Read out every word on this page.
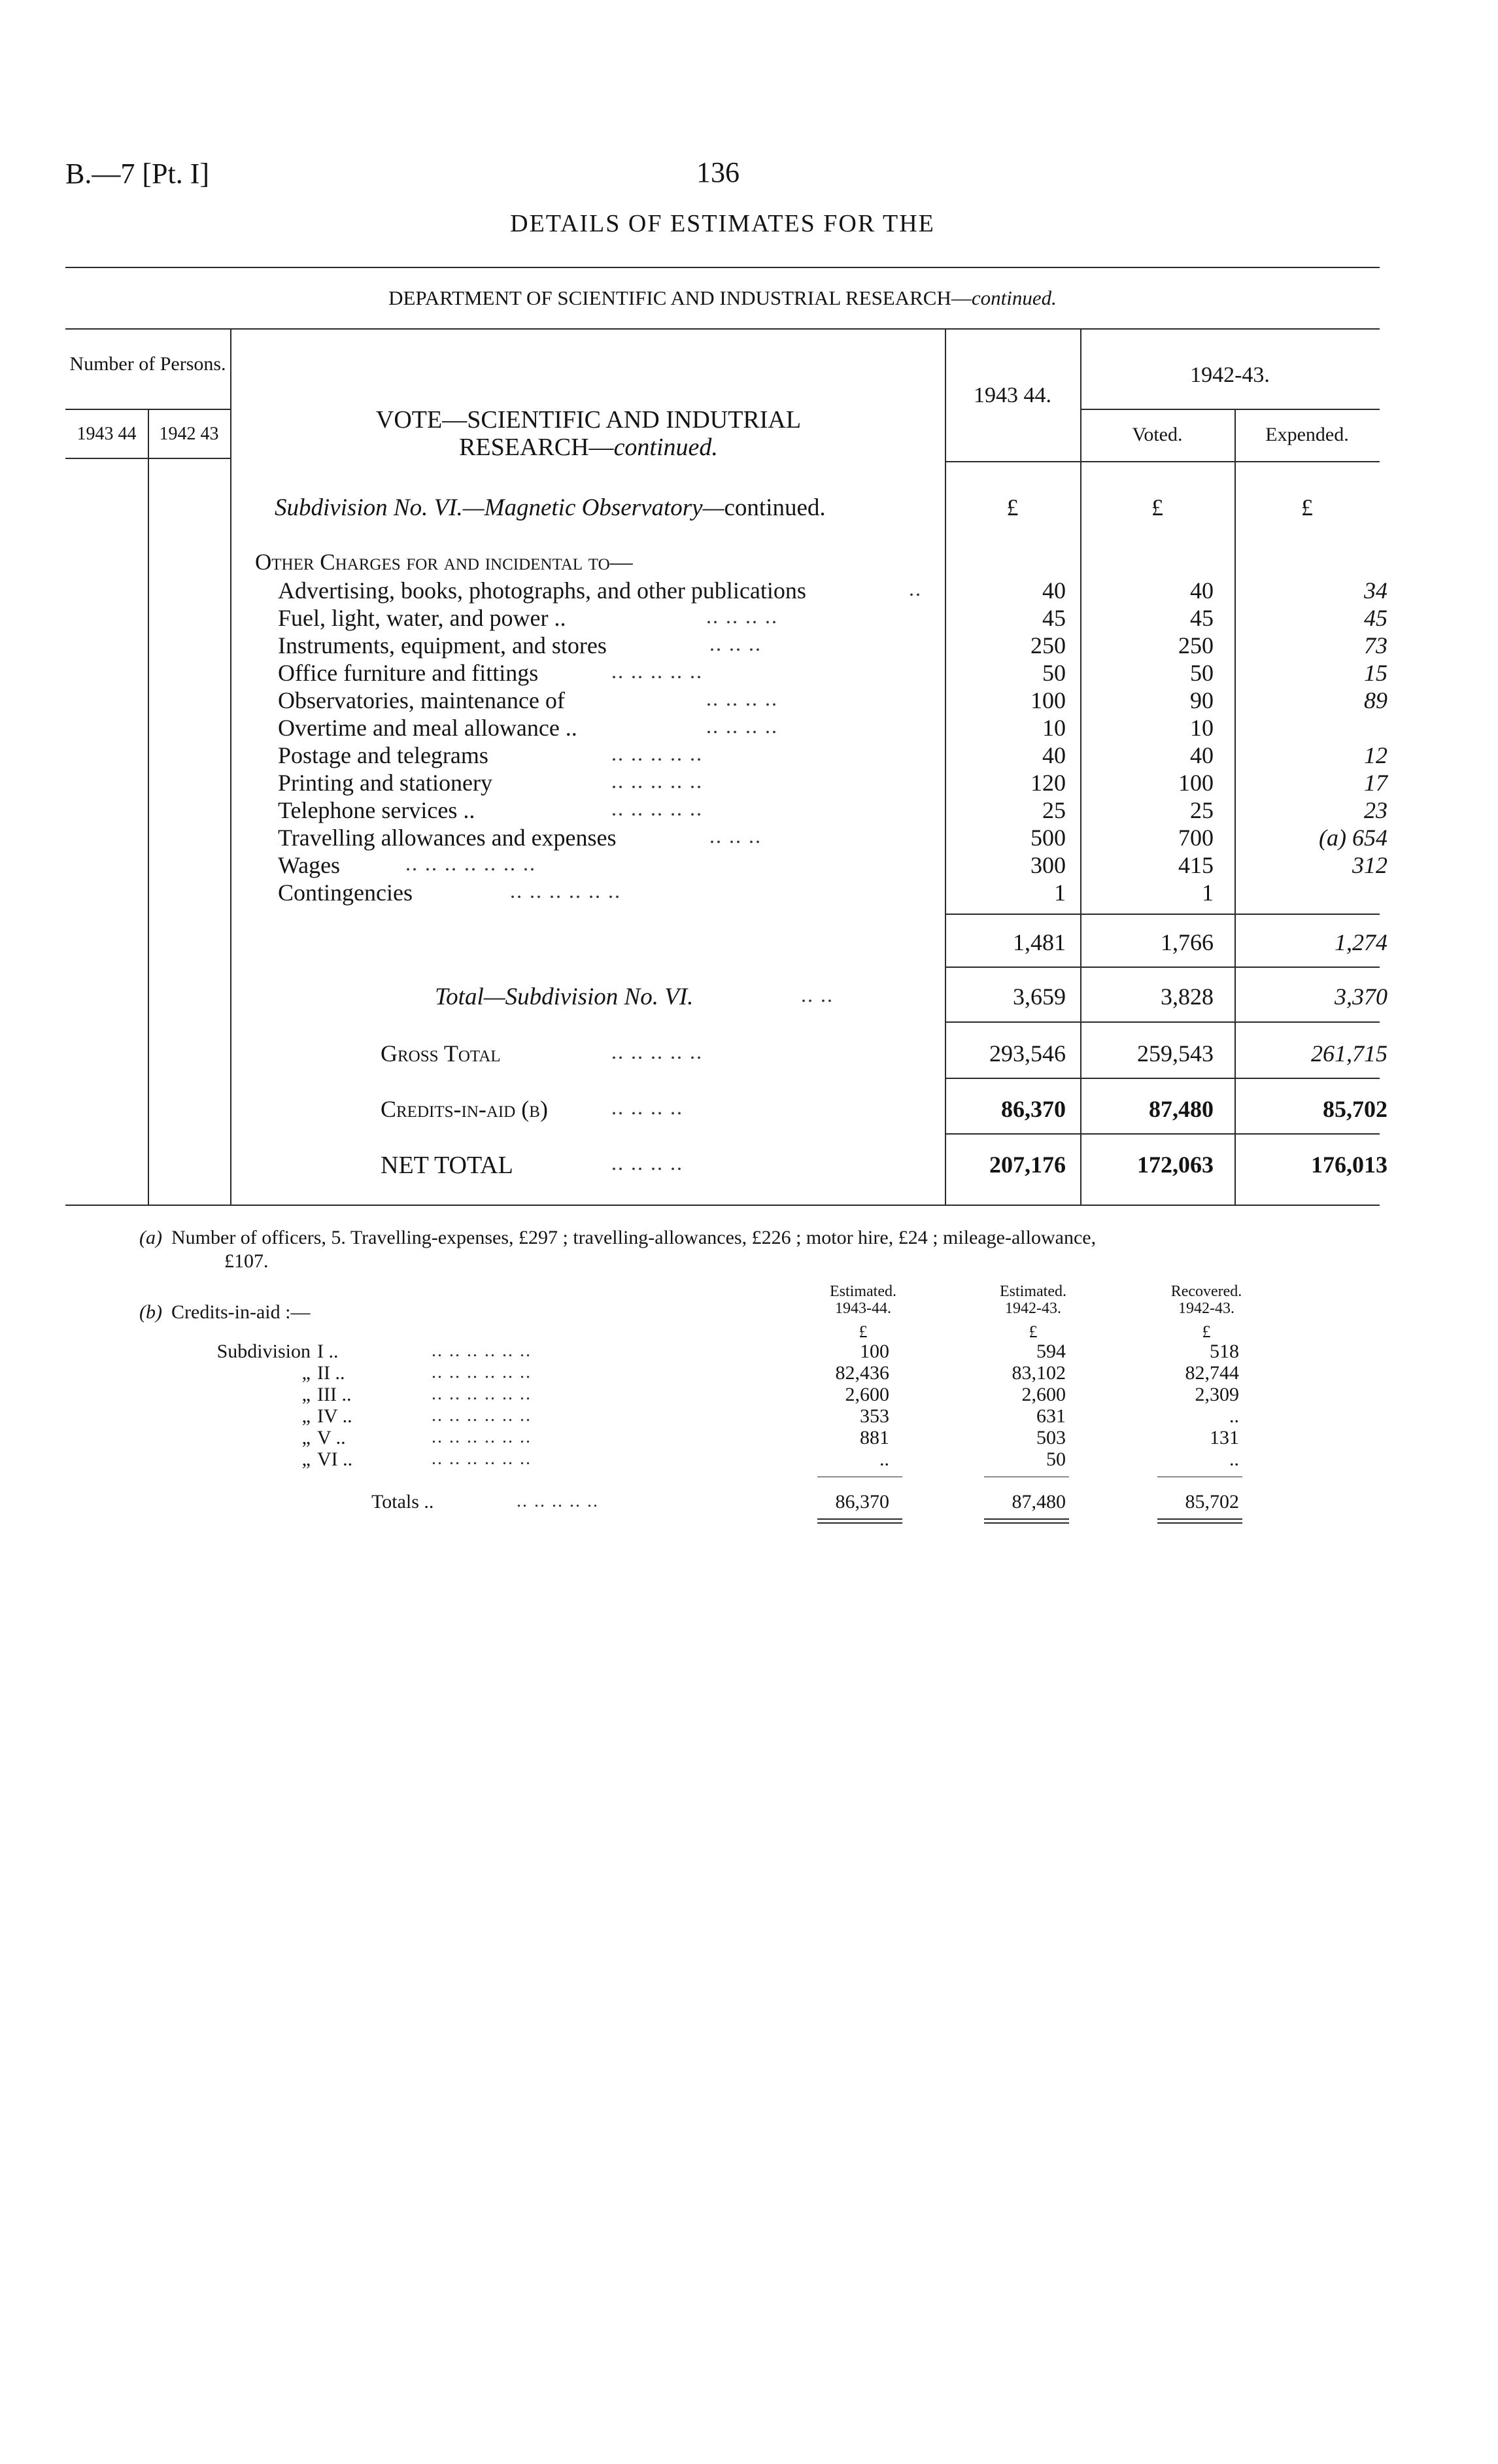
B.—7 [Pt. I]	136
DETAILS OF ESTIMATES FOR THE
DEPARTMENT OF SCIENTIFIC AND INDUSTRIAL RESEARCH—continued.
Number of Persons.
1943 44	1942 43
VOTE—SCIENTIFIC AND INDUTRIAL
RESEARCH—continued.
1943 44.
1942-43.
Voted.	Expended.
Subdivision No. VI.—Magnetic Observatory—continued.	£	£	£
Other Charges for and incidental to—
Advertising, books, photographs, and other publications	..	40	40	34
Fuel, light, water, and power ..	.. .. .. ..	45	45	45
Instruments, equipment, and stores	.. .. ..	250	250	73
Office furniture and fittings	.. .. .. .. ..	50	50	15
Observatories, maintenance of	.. .. .. ..	100	90	89
Overtime and meal allowance ..	.. .. .. ..	10	10
Postage and telegrams	.. .. .. .. ..	40	40	12
Printing and stationery	.. .. .. .. ..	120	100	17
Telephone services ..	.. .. .. .. ..	25	25	23
Travelling allowances and expenses	.. .. ..	500	700	(a) 654
Wages	.. .. .. .. .. .. ..	300	415	312
Contingencies	.. .. .. .. .. ..	1	1
1,481	1,766	1,274
Total—Subdivision No. VI.	.. ..	3,659	3,828	3,370
Gross Total	.. .. .. .. ..	293,546	259,543	261,715
Credits-in-aid (b)	.. .. .. ..	86,370	87,480	85,702
NET TOTAL	.. .. .. ..	207,176	172,063	176,013
(a) Number of officers, 5. Travelling-expenses, £297 ; travelling-allowances, £226 ; motor hire, £24 ; mileage-allowance,
£107.
(b) Credits-in-aid :—
Estimated.
1943-44.
Estimated.
1942-43.
Recovered.
1942-43.
£	£	£
Subdivision I ..	.. .. .. .. .. ..	100	594	518
„ II ..	.. .. .. .. .. ..	82,436	83,102	82,744
„ III ..	.. .. .. .. .. ..	2,600	2,600	2,309
„ IV ..	.. .. .. .. .. ..	353	631	..
„ V ..	.. .. .. .. .. ..	881	503	131
„ VI ..	.. .. .. .. .. ..	..	50	..
Totals ..	.. .. .. .. ..	86,370	87,480	85,702
